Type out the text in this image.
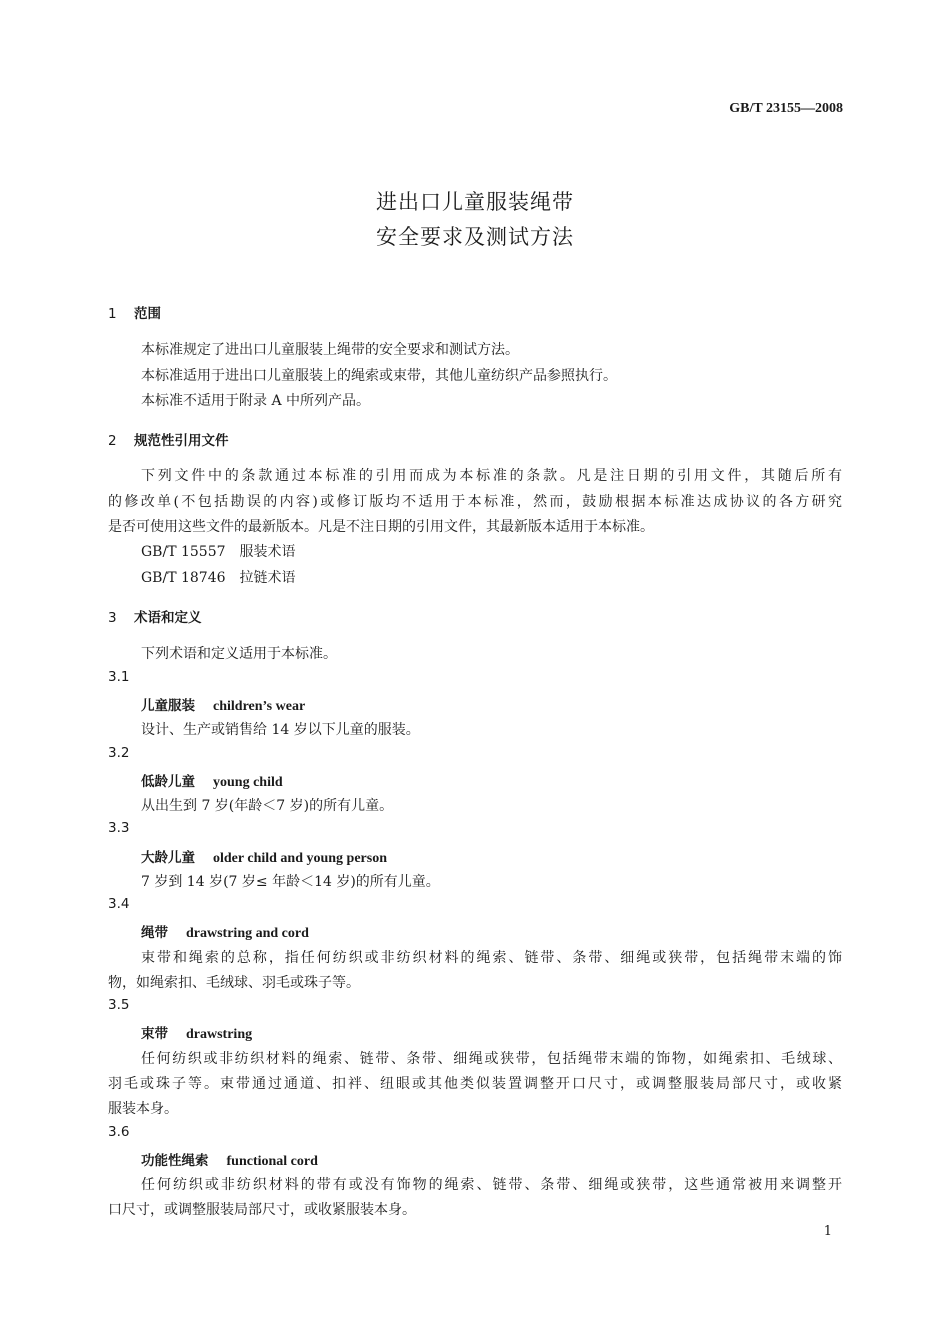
GB/T 23155—2008
进出口儿童服装绳带
安全要求及测试方法
1 范围
本标准规定了进出口儿童服装上绳带的安全要求和测试方法。
本标准适用于进出口儿童服装上的绳索或束带，其他儿童纺织产品参照执行。
本标准不适用于附录 A 中所列产品。
2 规范性引用文件
下列文件中的条款通过本标准的引用而成为本标准的条款。凡是注日期的引用文件，其随后所有
的修改单(不包括勘误的内容)或修订版均不适用于本标准，然而，鼓励根据本标准达成协议的各方研究
是否可使用这些文件的最新版本。凡是不注日期的引用文件，其最新版本适用于本标准。
GB/T 15557　服装术语
GB/T 18746　拉链术语
3 术语和定义
下列术语和定义适用于本标准。
3.1
儿童服装 children’s wear
设计、生产或销售给 14 岁以下儿童的服装。
3.2
低龄儿童 young child
从出生到 7 岁(年龄＜7 岁)的所有儿童。
3.3
大龄儿童 older child and young person
7 岁到 14 岁(7 岁≤ 年龄＜14 岁)的所有儿童。
3.4
绳带 drawstring and cord
束带和绳索的总称，指任何纺织或非纺织材料的绳索、链带、条带、细绳或狭带，包括绳带末端的饰
物，如绳索扣、毛绒球、羽毛或珠子等。
3.5
束带 drawstring
任何纺织或非纺织材料的绳索、链带、条带、细绳或狭带，包括绳带末端的饰物，如绳索扣、毛绒球、
羽毛或珠子等。束带通过通道、扣袢、纽眼或其他类似装置调整开口尺寸，或调整服装局部尺寸，或收紧
服装本身。
3.6
功能性绳索 functional cord
任何纺织或非纺织材料的带有或没有饰物的绳索、链带、条带、细绳或狭带，这些通常被用来调整开
口尺寸，或调整服装局部尺寸，或收紧服装本身。
1
